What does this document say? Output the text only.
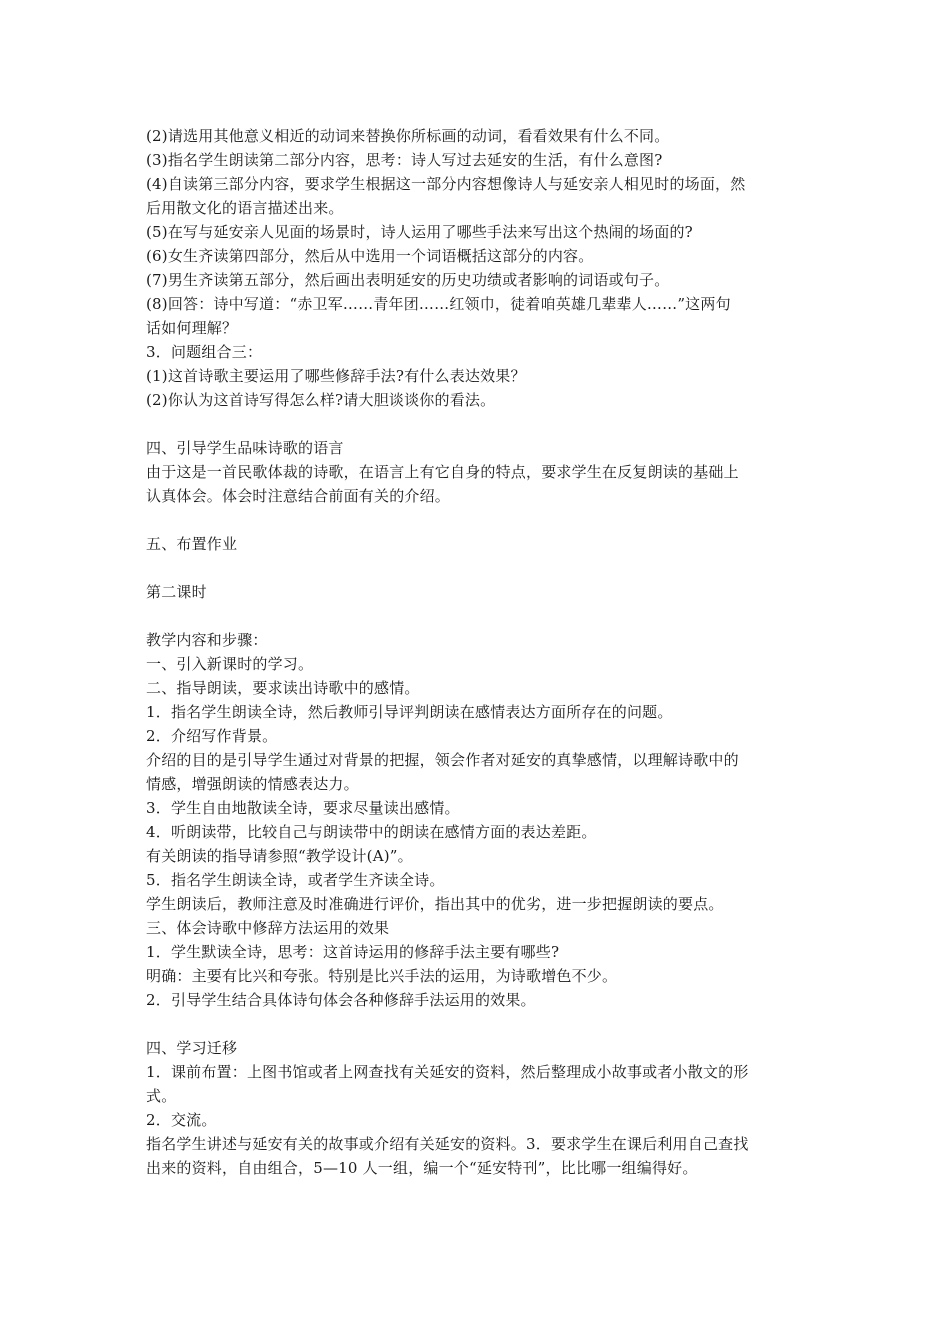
(2)请选用其他意义相近的动词来替换你所标画的动词，看看效果有什么不同。
(3)指名学生朗读第二部分内容，思考：诗人写过去延安的生活，有什么意图?
(4)自读第三部分内容，要求学生根据这一部分内容想像诗人与延安亲人相见时的场面，然
后用散文化的语言描述出来。
(5)在写与延安亲人见面的场景时，诗人运用了哪些手法来写出这个热闹的场面的?
(6)女生齐读第四部分，然后从中选用一个词语概括这部分的内容。
(7)男生齐读第五部分，然后画出表明延安的历史功绩或者影响的词语或句子。
(8)回答：诗中写道：“赤卫军……青年团……红领巾，徒着咱英雄几辈辈人……”这两句
话如何理解？
3．问题组合三：
(1)这首诗歌主要运用了哪些修辞手法?有什么表达效果？
(2)你认为这首诗写得怎么样?请大胆谈谈你的看法。
四、引导学生品味诗歌的语言
由于这是一首民歌体裁的诗歌，在语言上有它自身的特点，要求学生在反复朗读的基础上
认真体会。体会时注意结合前面有关的介绍。
五、布置作业
第二课时
教学内容和步骤：
一、引入新课时的学习。
二、指导朗读，要求读出诗歌中的感情。
1．指名学生朗读全诗，然后教师引导评判朗读在感情表达方面所存在的问题。
2．介绍写作背景。
介绍的目的是引导学生通过对背景的把握，领会作者对延安的真挚感情，以理解诗歌中的
情感，增强朗读的情感表达力。
3．学生自由地散读全诗，要求尽量读出感情。
4．听朗读带，比较自己与朗读带中的朗读在感情方面的表达差距。
有关朗读的指导请参照“教学设计(A)”。
5．指名学生朗读全诗，或者学生齐读全诗。
学生朗读后，教师注意及时准确进行评价，指出其中的优劣，进一步把握朗读的要点。
三、体会诗歌中修辞方法运用的效果
1．学生默读全诗，思考：这首诗运用的修辞手法主要有哪些?
明确：主要有比兴和夸张。特别是比兴手法的运用，为诗歌增色不少。
2．引导学生结合具体诗句体会各种修辞手法运用的效果。
四、学习迁移
1．课前布置：上图书馆或者上网查找有关延安的资料，然后整理成小故事或者小散文的形
式。
2．交流。
指名学生讲述与延安有关的故事或介绍有关延安的资料。3．要求学生在课后利用自己查找
出来的资料，自由组合，5—10 人一组，编一个“延安特刊”，比比哪一组编得好。
